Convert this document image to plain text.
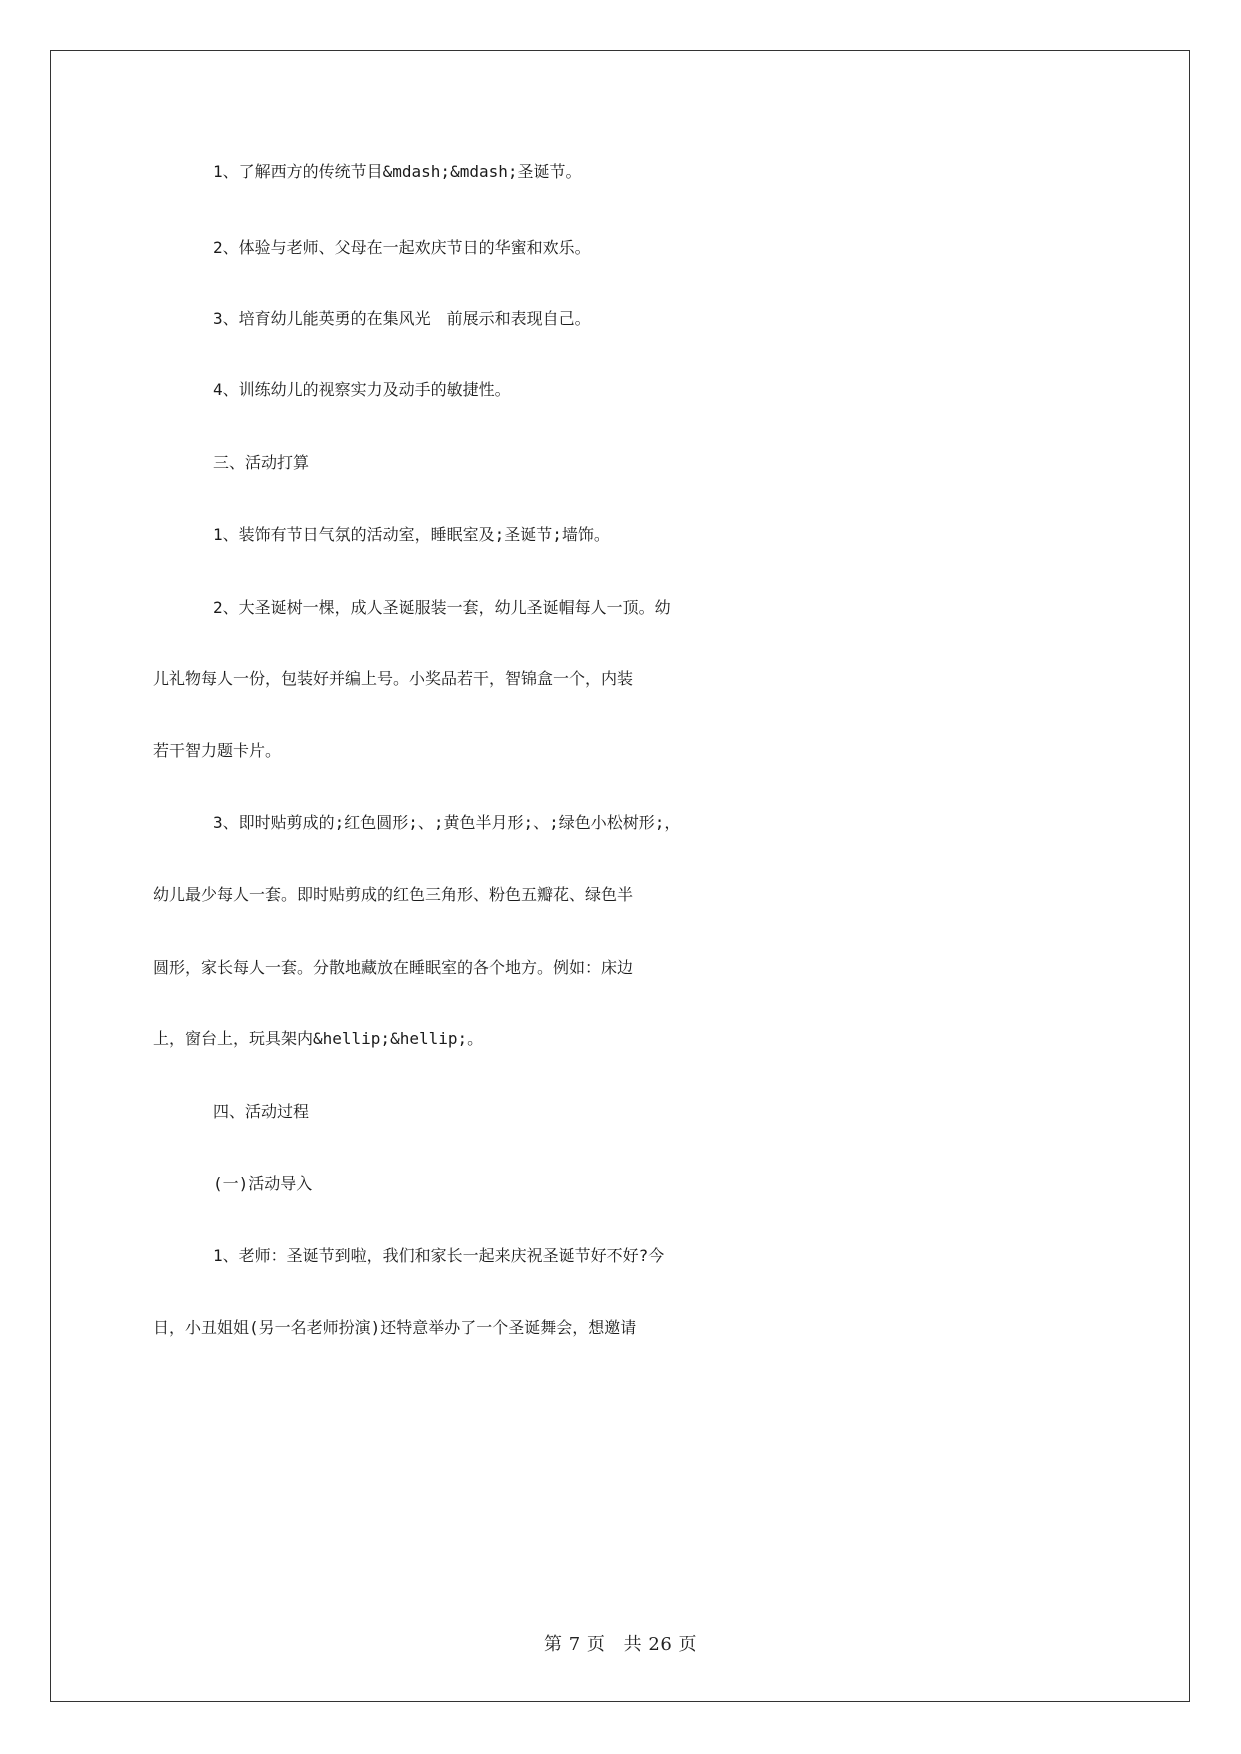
1、了解西方的传统节目&mdash;&mdash;圣诞节。
2、体验与老师、父母在一起欢庆节日的华蜜和欢乐。
3、培育幼儿能英勇的在集风光　前展示和表现自己。
4、训练幼儿的视察实力及动手的敏捷性。
三、活动打算
1、装饰有节日气氛的活动室，睡眠室及;圣诞节;墙饰。
2、大圣诞树一棵，成人圣诞服装一套，幼儿圣诞帽每人一顶。幼
儿礼物每人一份，包装好并编上号。小奖品若干，智锦盒一个，内装
若干智力题卡片。
3、即时贴剪成的;红色圆形;、;黄色半月形;、;绿色小松树形;，
幼儿最少每人一套。即时贴剪成的红色三角形、粉色五瓣花、绿色半
圆形，家长每人一套。分散地藏放在睡眠室的各个地方。例如：床边
上，窗台上，玩具架内&hellip;&hellip;。
四、活动过程
(一)活动导入
1、老师：圣诞节到啦，我们和家长一起来庆祝圣诞节好不好?今
日，小丑姐姐(另一名老师扮演)还特意举办了一个圣诞舞会，想邀请
第 7 页 共 26 页
